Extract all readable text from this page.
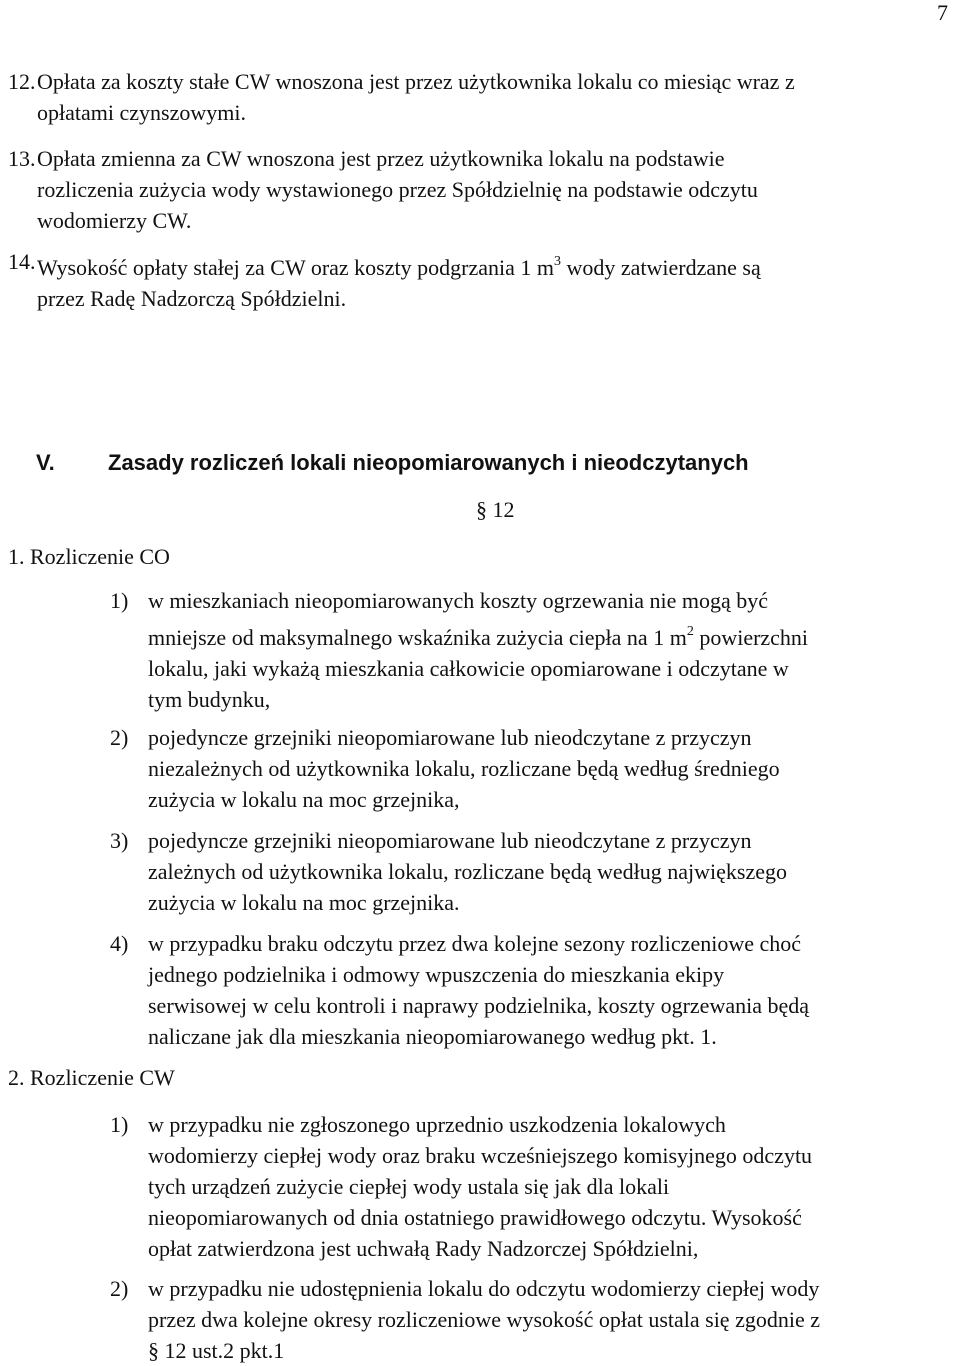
7
12. Opłata za koszty stałe CW wnoszona jest przez użytkownika lokalu co miesiąc wraz z
opłatami czynszowymi.
13. Opłata zmienna za CW wnoszona jest przez użytkownika lokalu na podstawie
rozliczenia zużycia wody wystawionego przez Spółdzielnię na podstawie odczytu
wodomierzy CW.
14. Wysokość opłaty stałej za CW oraz koszty podgrzania 1 $m^3$ wody zatwierdzane są
przez Radę Nadzorczą Spółdzielni.
V. Zasady rozliczeń lokali nieopomiarowanych i nieodczytanych
§ 12
1. Rozliczenie CO
1) w mieszkaniach nieopomiarowanych koszty ogrzewania nie mogą być
mniejsze od maksymalnego wskaźnika zużycia ciepła na 1 $m^2$ powierzchni
lokalu, jaki wykażą mieszkania całkowicie opomiarowane i odczytane w
tym budynku,
2) pojedyncze grzejniki nieopomiarowane lub nieodczytane z przyczyn
niezależnych od użytkownika lokalu, rozliczane będą według średniego
zużycia w lokalu na moc grzejnika,
3) pojedyncze grzejniki nieopomiarowane lub nieodczytane z przyczyn
zależnych od użytkownika lokalu, rozliczane będą według największego
zużycia w lokalu na moc grzejnika.
4) w przypadku braku odczytu przez dwa kolejne sezony rozliczeniowe choć
jednego podzielnika i odmowy wpuszczenia do mieszkania ekipy
serwisowej w celu kontroli i naprawy podzielnika, koszty ogrzewania będą
naliczane jak dla mieszkania nieopomiarowanego według pkt. 1.
2. Rozliczenie CW
1) w przypadku nie zgłoszonego uprzednio uszkodzenia lokalowych
wodomierzy ciepłej wody oraz braku wcześniejszego komisyjnego odczytu
tych urządzeń zużycie ciepłej wody ustala się jak dla lokali
nieopomiarowanych od dnia ostatniego prawidłowego odczytu. Wysokość
opłat zatwierdzona jest uchwałą Rady Nadzorczej Spółdzielni,
2) w przypadku nie udostępnienia lokalu do odczytu wodomierzy ciepłej wody
przez dwa kolejne okresy rozliczeniowe wysokość opłat ustala się zgodnie z
§ 12 ust.2 pkt.1
